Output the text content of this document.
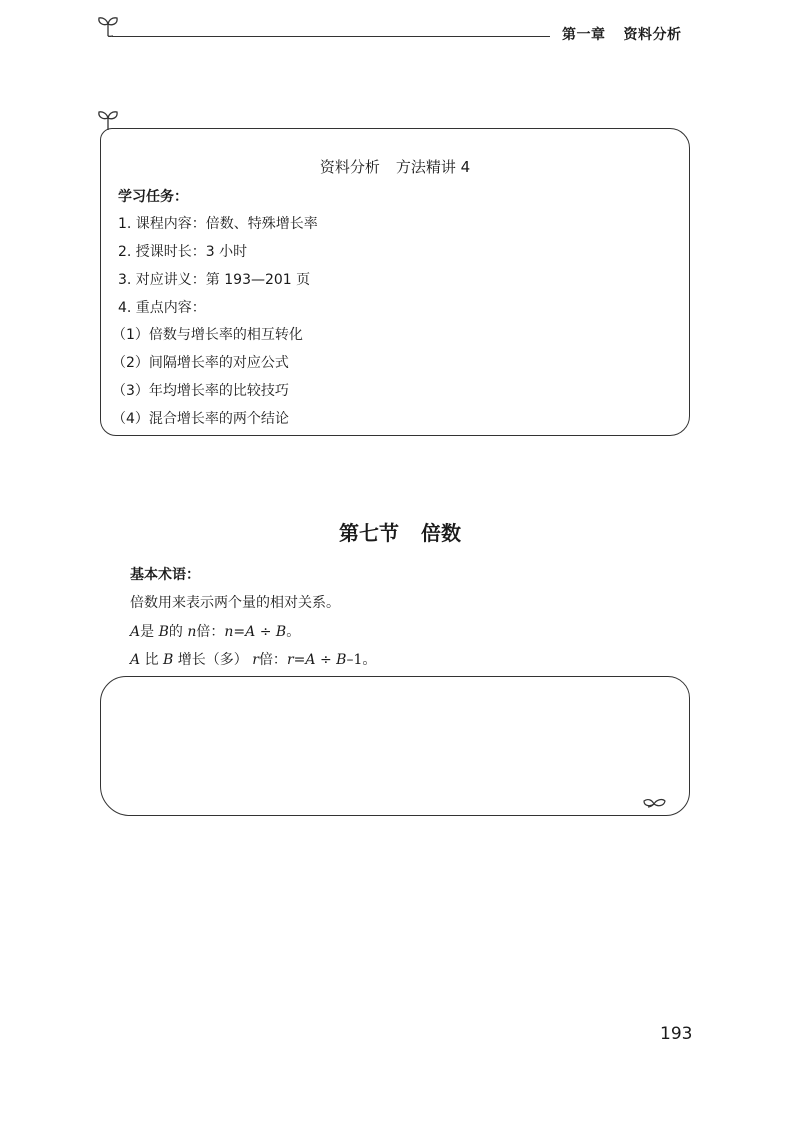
第一章 资料分析
资料分析 方法精讲 4
学习任务：
1. 课程内容：倍数、特殊增长率
2. 授课时长：3 小时
3. 对应讲义：第 193—201 页
4. 重点内容：
（1）倍数与增长率的相互转化
（2）间隔增长率的对应公式
（3）年均增长率的比较技巧
（4）混合增长率的两个结论
第七节 倍数
基本术语：
倍数用来表示两个量的相对关系。
A是 B的 n倍：n=A ÷ B。
A 比 B 增长（多） r倍：r=A ÷ B–1。
193
